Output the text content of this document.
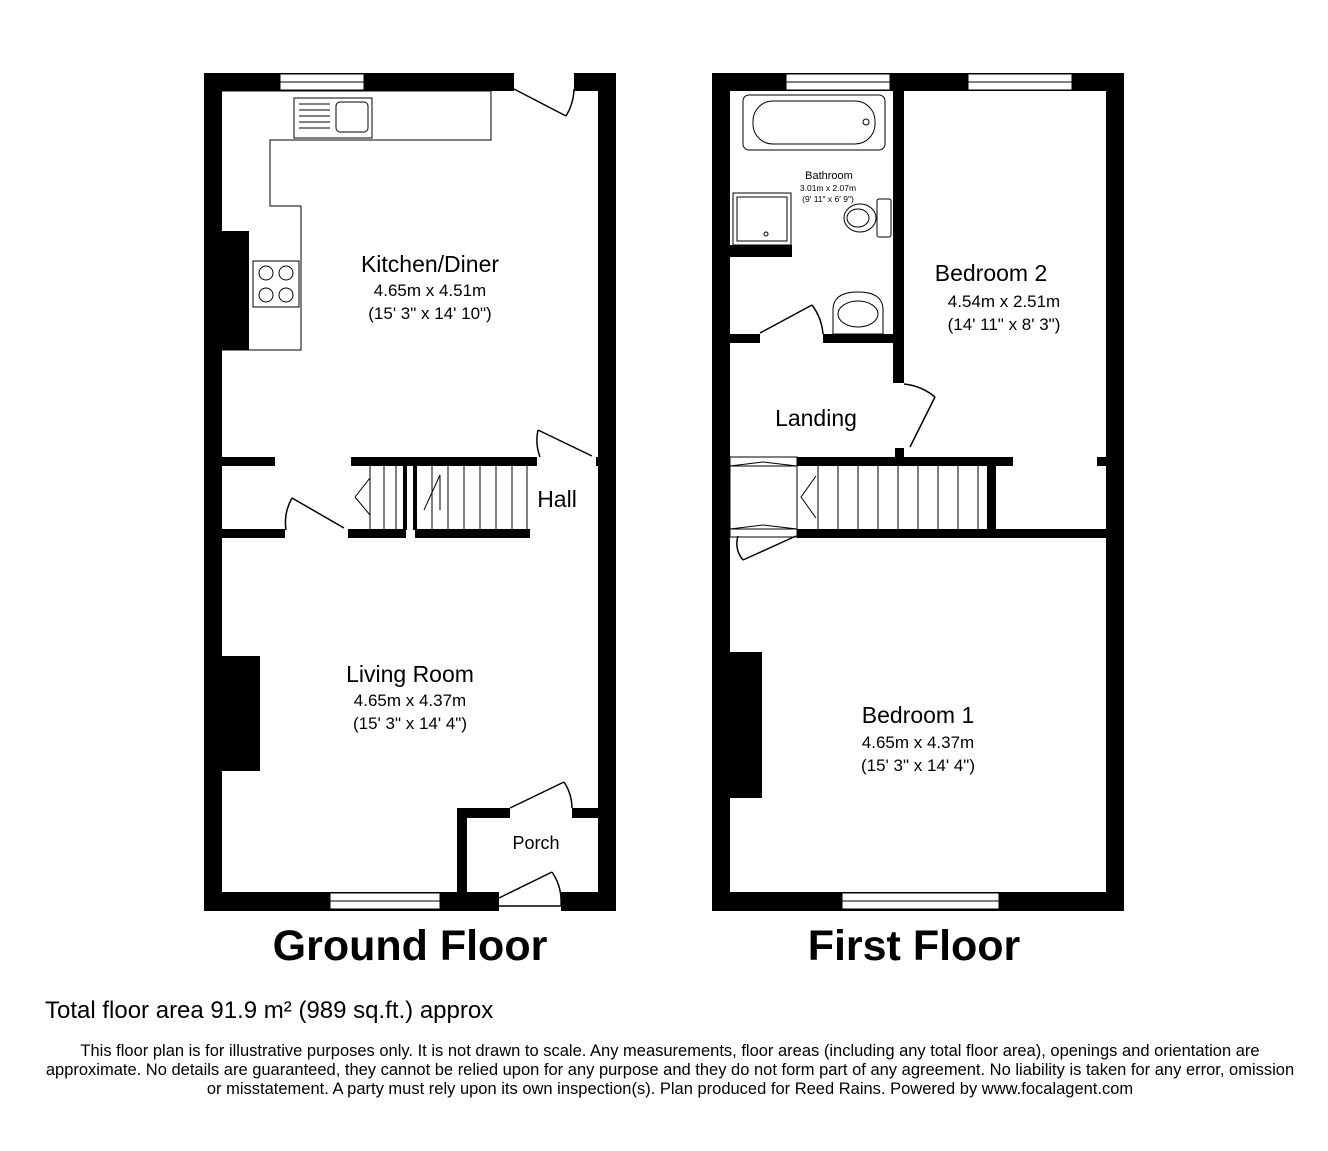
Kitchen/Diner
4.65m x 4.51m
(15' 3" x 14' 10")
Hall
Living Room
4.65m x 4.37m
(15' 3" x 14' 4")
Porch
Ground Floor
Bathroom
3.01m x 2.07m
(9' 11" x 6' 9")
Bedroom 2
4.54m x 2.51m
(14' 11" x 8' 3")
Landing
Bedroom 1
4.65m x 4.37m
(15' 3" x 14' 4")
First Floor
Total floor area 91.9 m² (989 sq.ft.) approx
This floor plan is for illustrative purposes only. It is not drawn to scale. Any measurements, floor areas (including any total floor area), openings and orientation are approximate. No details are guaranteed, they cannot be relied upon for any purpose and they do not form part of any agreement. No liability is taken for any error, omission or misstatement. A party must rely upon its own inspection(s). Plan produced for Reed Rains. Powered by www.focalagent.com
